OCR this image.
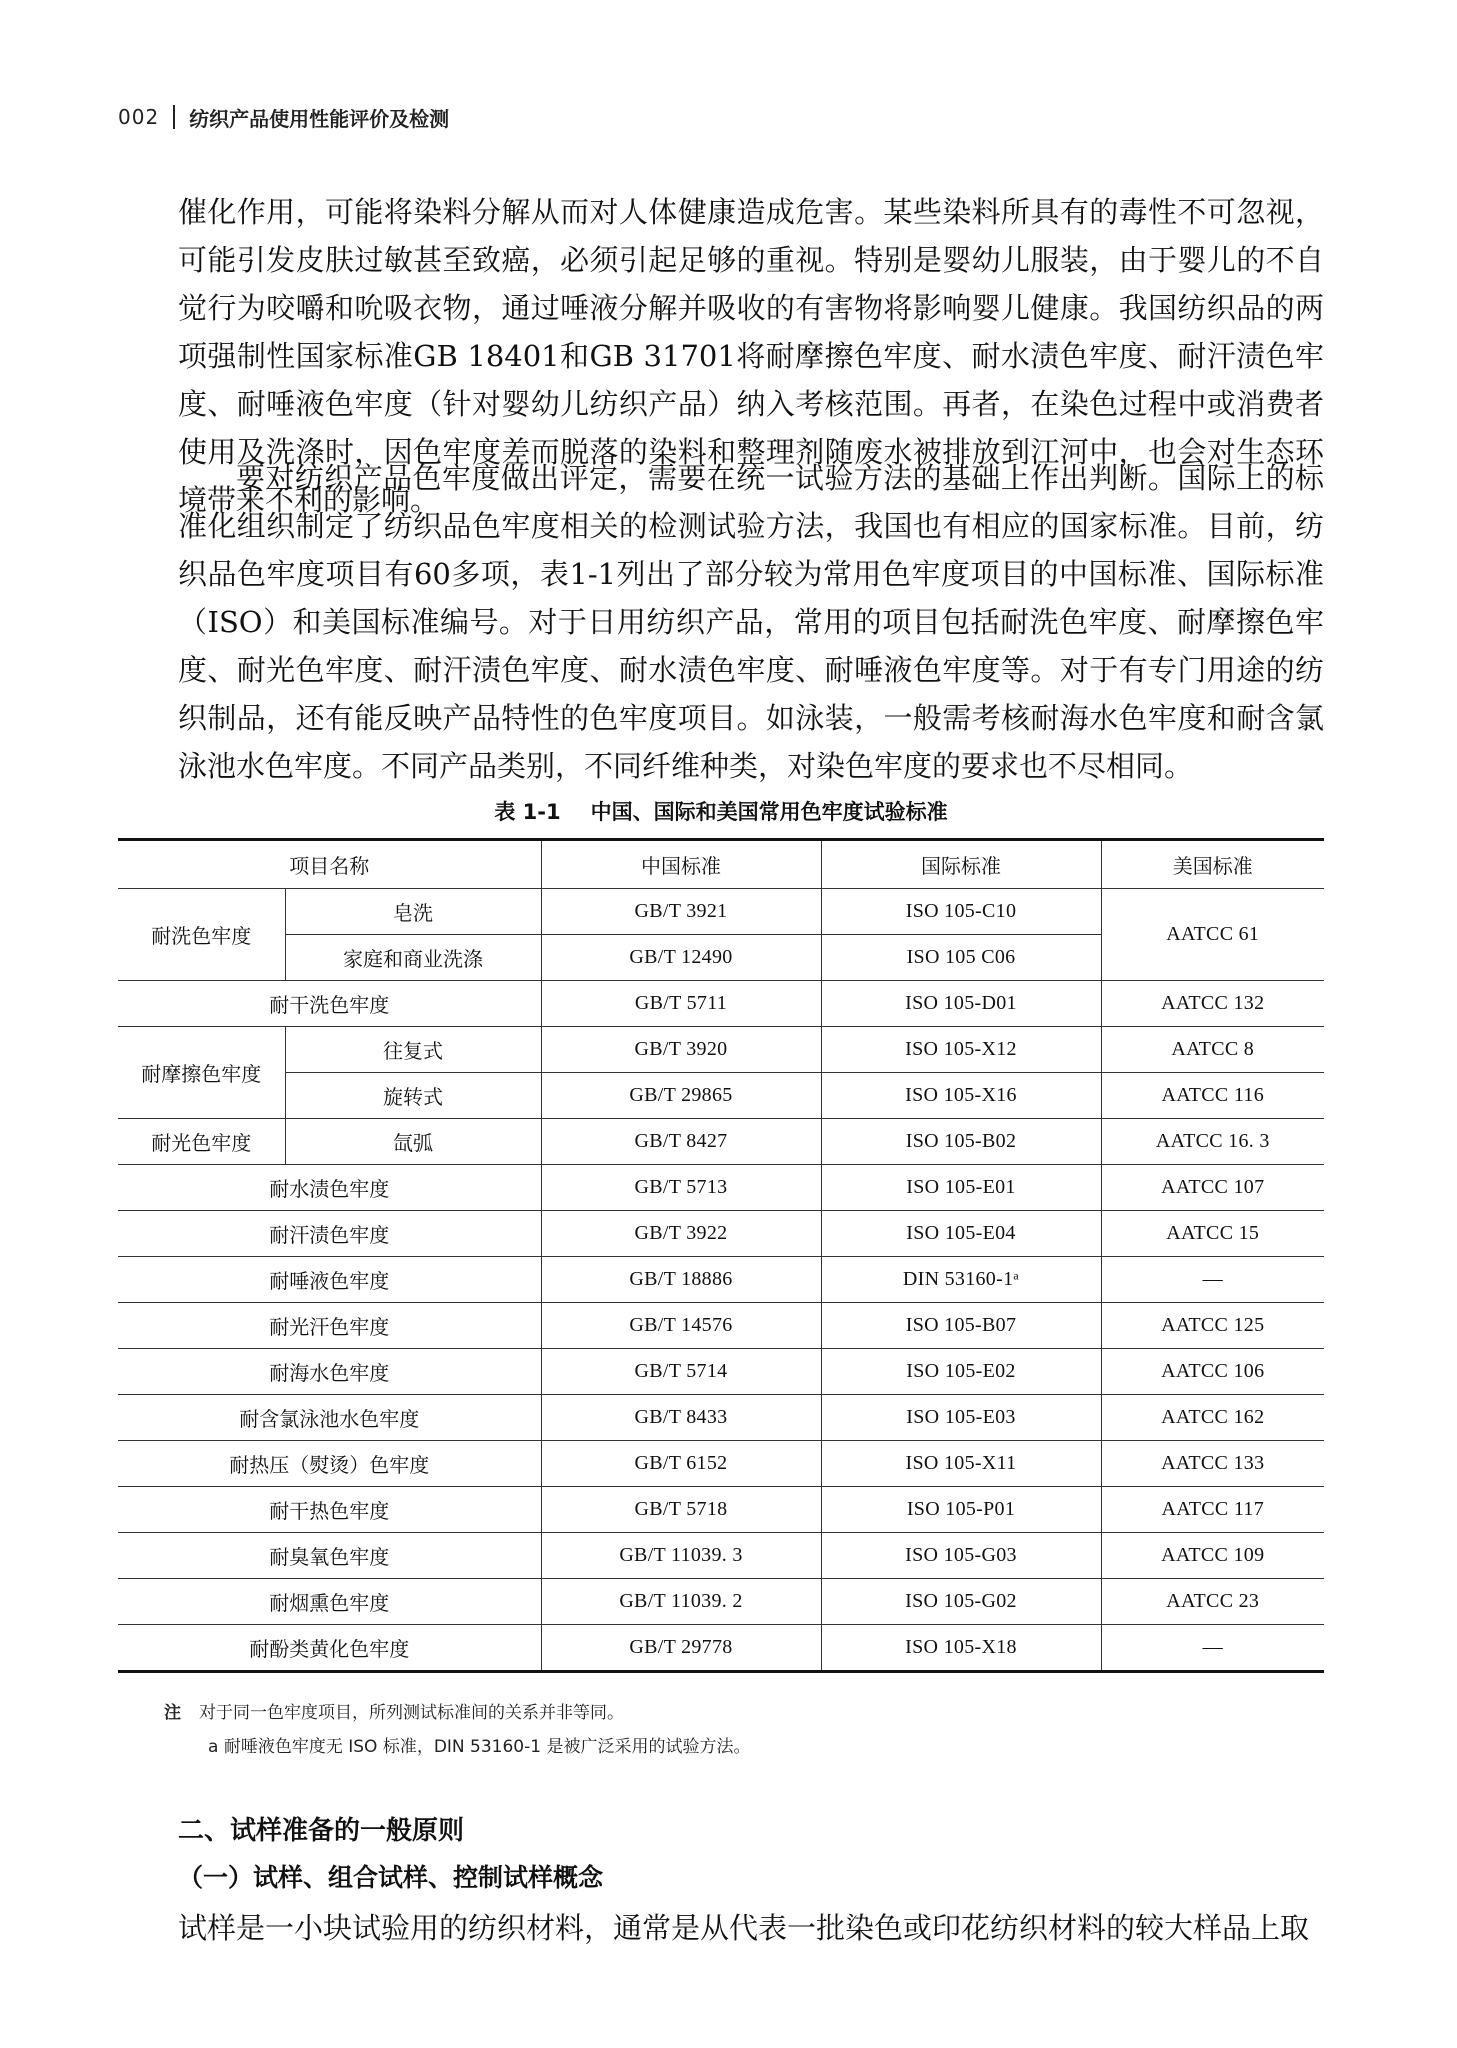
002 纺织产品使用性能评价及检测
催化作用，可能将染料分解从而对人体健康造成危害。某些染料所具有的毒性不可忽视，可能引发皮肤过敏甚至致癌，必须引起足够的重视。特别是婴幼儿服装，由于婴儿的不自觉行为咬嚼和吮吸衣物，通过唾液分解并吸收的有害物将影响婴儿健康。我国纺织品的两项强制性国家标准GB 18401和GB 31701将耐摩擦色牢度、耐水渍色牢度、耐汗渍色牢度、耐唾液色牢度（针对婴幼儿纺织产品）纳入考核范围。再者，在染色过程中或消费者使用及洗涤时，因色牢度差而脱落的染料和整理剂随废水被排放到江河中，也会对生态环境带来不利的影响。
要对纺织产品色牢度做出评定，需要在统一试验方法的基础上作出判断。国际上的标准化组织制定了纺织品色牢度相关的检测试验方法，我国也有相应的国家标准。目前，纺织品色牢度项目有60多项，表1-1列出了部分较为常用色牢度项目的中国标准、国际标准（ISO）和美国标准编号。对于日用纺织产品，常用的项目包括耐洗色牢度、耐摩擦色牢度、耐光色牢度、耐汗渍色牢度、耐水渍色牢度、耐唾液色牢度等。对于有专门用途的纺织制品，还有能反映产品特性的色牢度项目。如泳装，一般需考核耐海水色牢度和耐含氯泳池水色牢度。不同产品类别，不同纤维种类，对染色牢度的要求也不尽相同。
表 1-1 中国、国际和美国常用色牢度试验标准
项目名称		中国标准	国际标准	美国标准
耐洗色牢度	皂洗	GB/T 3921	ISO 105-C10	AATCC 61
	家庭和商业洗涤	GB/T 12490	ISO 105 C06	
耐干洗色牢度		GB/T 5711	ISO 105-D01	AATCC 132
耐摩擦色牢度	往复式	GB/T 3920	ISO 105-X12	AATCC 8
	旋转式	GB/T 29865	ISO 105-X16	AATCC 116
耐光色牢度	氙弧	GB/T 8427	ISO 105-B02	AATCC 16. 3
耐水渍色牢度		GB/T 5713	ISO 105-E01	AATCC 107
耐汗渍色牢度		GB/T 3922	ISO 105-E04	AATCC 15
耐唾液色牢度		GB/T 18886	DIN 53160-1ᵃ	—
耐光汗色牢度		GB/T 14576	ISO 105-B07	AATCC 125
耐海水色牢度		GB/T 5714	ISO 105-E02	AATCC 106
耐含氯泳池水色牢度		GB/T 8433	ISO 105-E03	AATCC 162
耐热压（熨烫）色牢度		GB/T 6152	ISO 105-X11	AATCC 133
耐干热色牢度		GB/T 5718	ISO 105-P01	AATCC 117
耐臭氧色牢度		GB/T 11039. 3	ISO 105-G03	AATCC 109
耐烟熏色牢度		GB/T 11039. 2	ISO 105-G02	AATCC 23
耐酚类黄化色牢度		GB/T 29778	ISO 105-X18	—
注 对于同一色牢度项目，所列测试标准间的关系并非等同。
a 耐唾液色牢度无 ISO 标准，DIN 53160-1 是被广泛采用的试验方法。
二、试样准备的一般原则
（一）试样、组合试样、控制试样概念
试样是一小块试验用的纺织材料，通常是从代表一批染色或印花纺织材料的较大样品上取
